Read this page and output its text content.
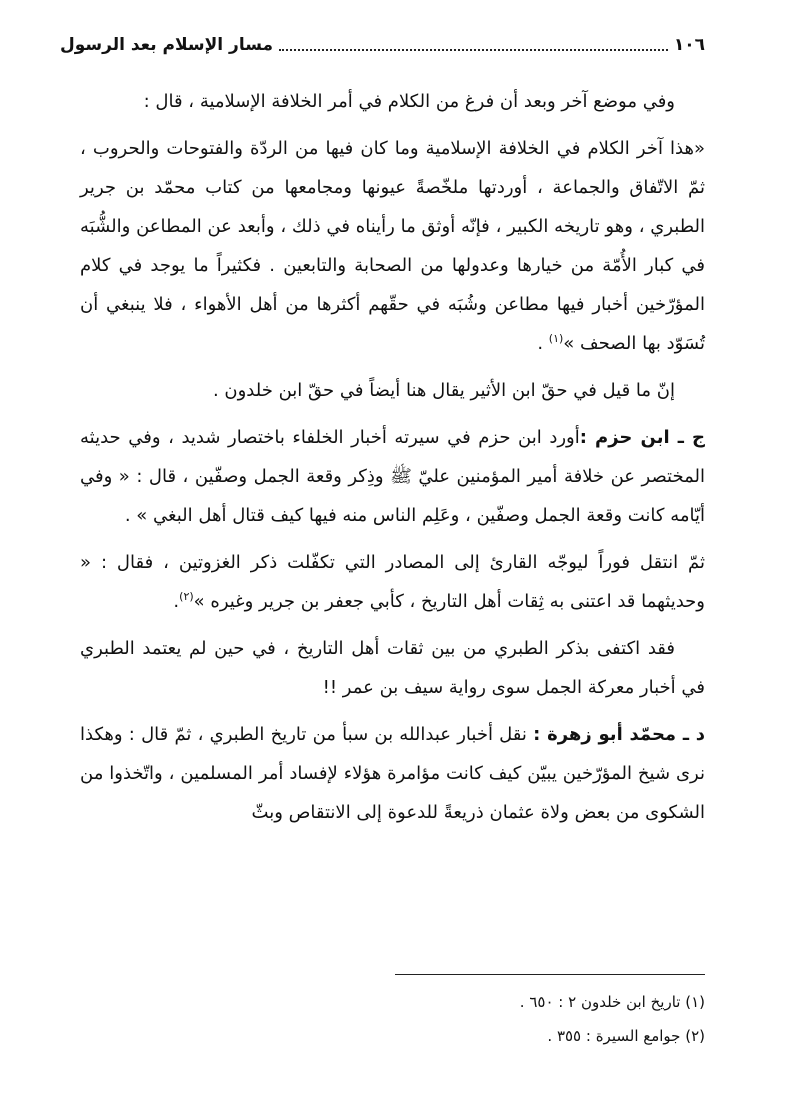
١٠٦
مسار الإسلام بعد الرسول

وفي موضع آخر وبعد أن فرغ من الكلام في أمر الخلافة الإسلامية ، قال :

«هذا آخر الكلام في الخلافة الإسلامية وما كان فيها من الردّة والفتوحات والحروب ، ثمّ الاتّفاق والجماعة ، أوردتها ملخّصةً عيونها ومجامعها من كتاب محمّد بن جرير الطبري ، وهو تاريخه الكبير ، فإنّه أوثق ما رأيناه في ذلك ، وأبعد عن المطاعن والشُّبَه في كبار الأُمّة من خيارها وعدولها من الصحابة والتابعين . فكثيراً ما يوجد في كلام المؤرّخين أخبار فيها مطاعن وشُبَه في حقّهم أكثرها من أهل الأهواء ، فلا ينبغي أن تُسَوّد بها الصحف »$^{(١)}$ .

إنّ ما قيل في حقّ ابن الأثير يقال هنا أيضاً في حقّ ابن خلدون .

ج ـ ابن حزم :أورد ابن حزم في سيرته أخبار الخلفاء باختصار شديد ، وفي حديثه المختصر عن خلافة أمير المؤمنين عليّ ﷺ وذِكر وقعة الجمل وصفّين ، قال : « وفي أيّامه كانت وقعة الجمل وصفّين ، وعَلِم الناس منه فيها كيف قتال أهل البغي » .

ثمّ انتقل فوراً ليوجّه القارئ إلى المصادر التي تكفّلت ذكر الغزوتين ، فقال : « وحديثهما قد اعتنى به ثِقات أهل التاريخ ، كأبي جعفر بن جرير وغيره »$^{(٢)}$.

فقد اكتفى بذكر الطبري من بين ثقات أهل التاريخ ، في حين لم يعتمد الطبري في أخبار معركة الجمل سوى رواية سيف بن عمر !!

د ـ محمّد أبو زهرة : نقل أخبار عبدالله بن سبأ من تاريخ الطبري ، ثمّ قال : وهكذا نرى شيخ المؤرّخين يبيّن كيف كانت مؤامرة هؤلاء لإفساد أمر المسلمين ، واتّخذوا من الشكوى من بعض ولاة عثمان ذريعةً للدعوة إلى الانتقاص وبثّ

(١) تاريخ ابن خلدون ٢ : ٦٥٠ .
(٢) جوامع السيرة : ٣٥٥ .
